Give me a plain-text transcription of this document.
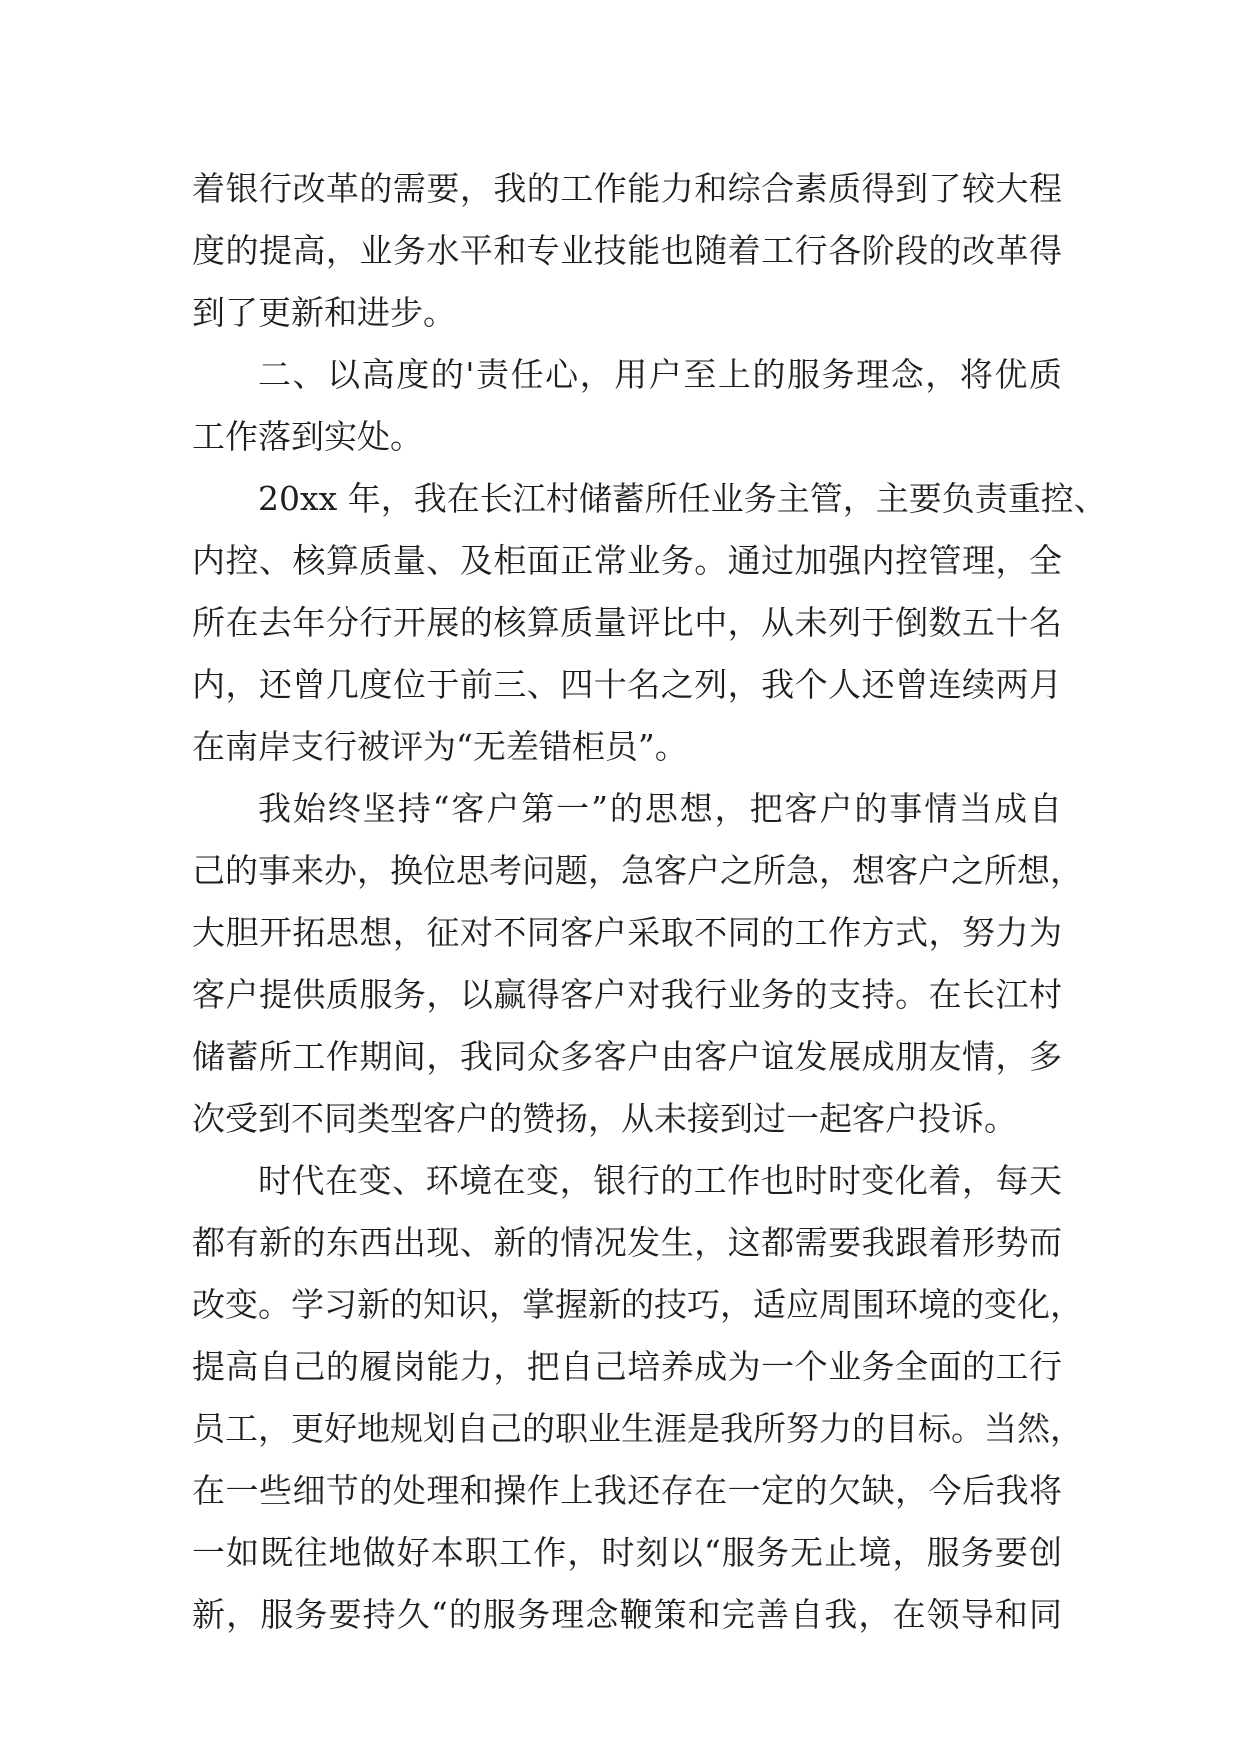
着银行改革的需要，我的工作能力和综合素质得到了较大程
度的提高，业务水平和专业技能也随着工行各阶段的改革得
到了更新和进步。
二、以高度的'责任心，用户至上的服务理念，将优质
工作落到实处。
20xx 年，我在长江村储蓄所任业务主管，主要负责重控、
内控、核算质量、及柜面正常业务。通过加强内控管理，全
所在去年分行开展的核算质量评比中，从未列于倒数五十名
内，还曾几度位于前三、四十名之列，我个人还曾连续两月
在南岸支行被评为“无差错柜员”。
我始终坚持“客户第一”的思想，把客户的事情当成自
己的事来办，换位思考问题，急客户之所急，想客户之所想，
大胆开拓思想，征对不同客户采取不同的工作方式，努力为
客户提供质服务，以赢得客户对我行业务的支持。在长江村
储蓄所工作期间，我同众多客户由客户谊发展成朋友情，多
次受到不同类型客户的赞扬，从未接到过一起客户投诉。
时代在变、环境在变，银行的工作也时时变化着，每天
都有新的东西出现、新的情况发生，这都需要我跟着形势而
改变。学习新的知识，掌握新的技巧，适应周围环境的变化，
提高自己的履岗能力，把自己培养成为一个业务全面的工行
员工，更好地规划自己的职业生涯是我所努力的目标。当然，
在一些细节的处理和操作上我还存在一定的欠缺，今后我将
一如既往地做好本职工作，时刻以“服务无止境，服务要创
新，服务要持久“的服务理念鞭策和完善自我，在领导和同
